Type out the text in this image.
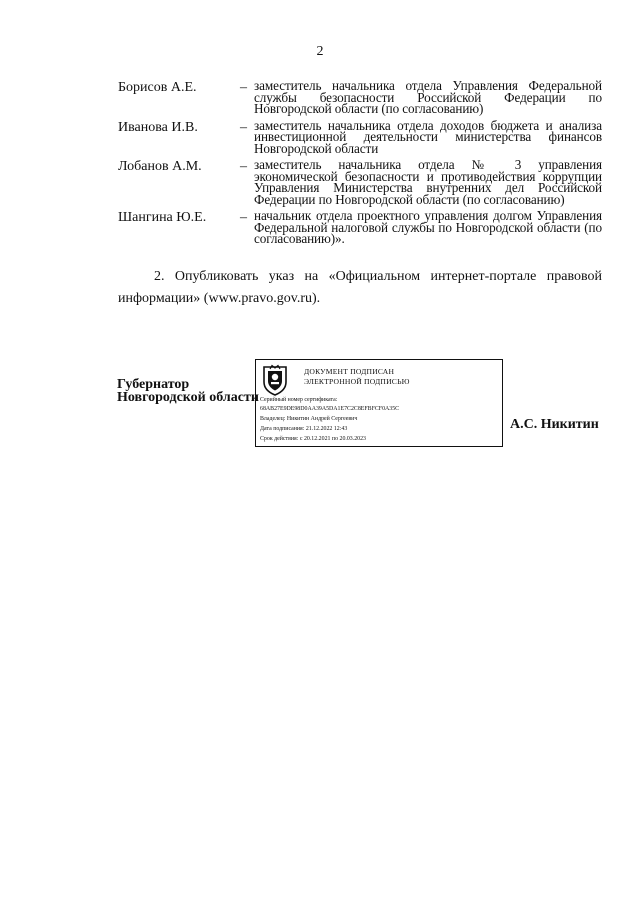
2
Борисов А.Е.	– заместитель начальника отдела Управления Федеральной службы безопасности Российской Федерации по Новгородской области (по согласованию)
Иванова И.В.	– заместитель начальника отдела доходов бюджета и анализа инвестиционной деятельности министерства финансов Новгородской области
Лобанов А.М.	– заместитель начальника отдела № 3 управления экономической безопасности и противодействия коррупции Управления Министерства внутренних дел Российской Федерации по Новгородской области (по согласованию)
Шангина Ю.Е.	– начальник отдела проектного управления долгом Управления Федеральной налоговой службы по Новгородской области (по согласованию)».
2. Опубликовать указ на «Официальном интернет-портале правовой информации» (www.pravo.gov.ru).
Губернатор
Новгородской области
ДОКУМЕНТ ПОДПИСАН
ЭЛЕКТРОННОЙ ПОДПИСЬЮ
Серийный номер сертификата:
68AB27E9DE98D0AA39A5DA1E7C2C8EFBFCF0A35C
Владелец: Никитин Андрей Сергеевич
Дата подписания: 21.12.2022 12:43
Срок действия: с 20.12.2021 по 20.03.2023
А.С. Никитин
